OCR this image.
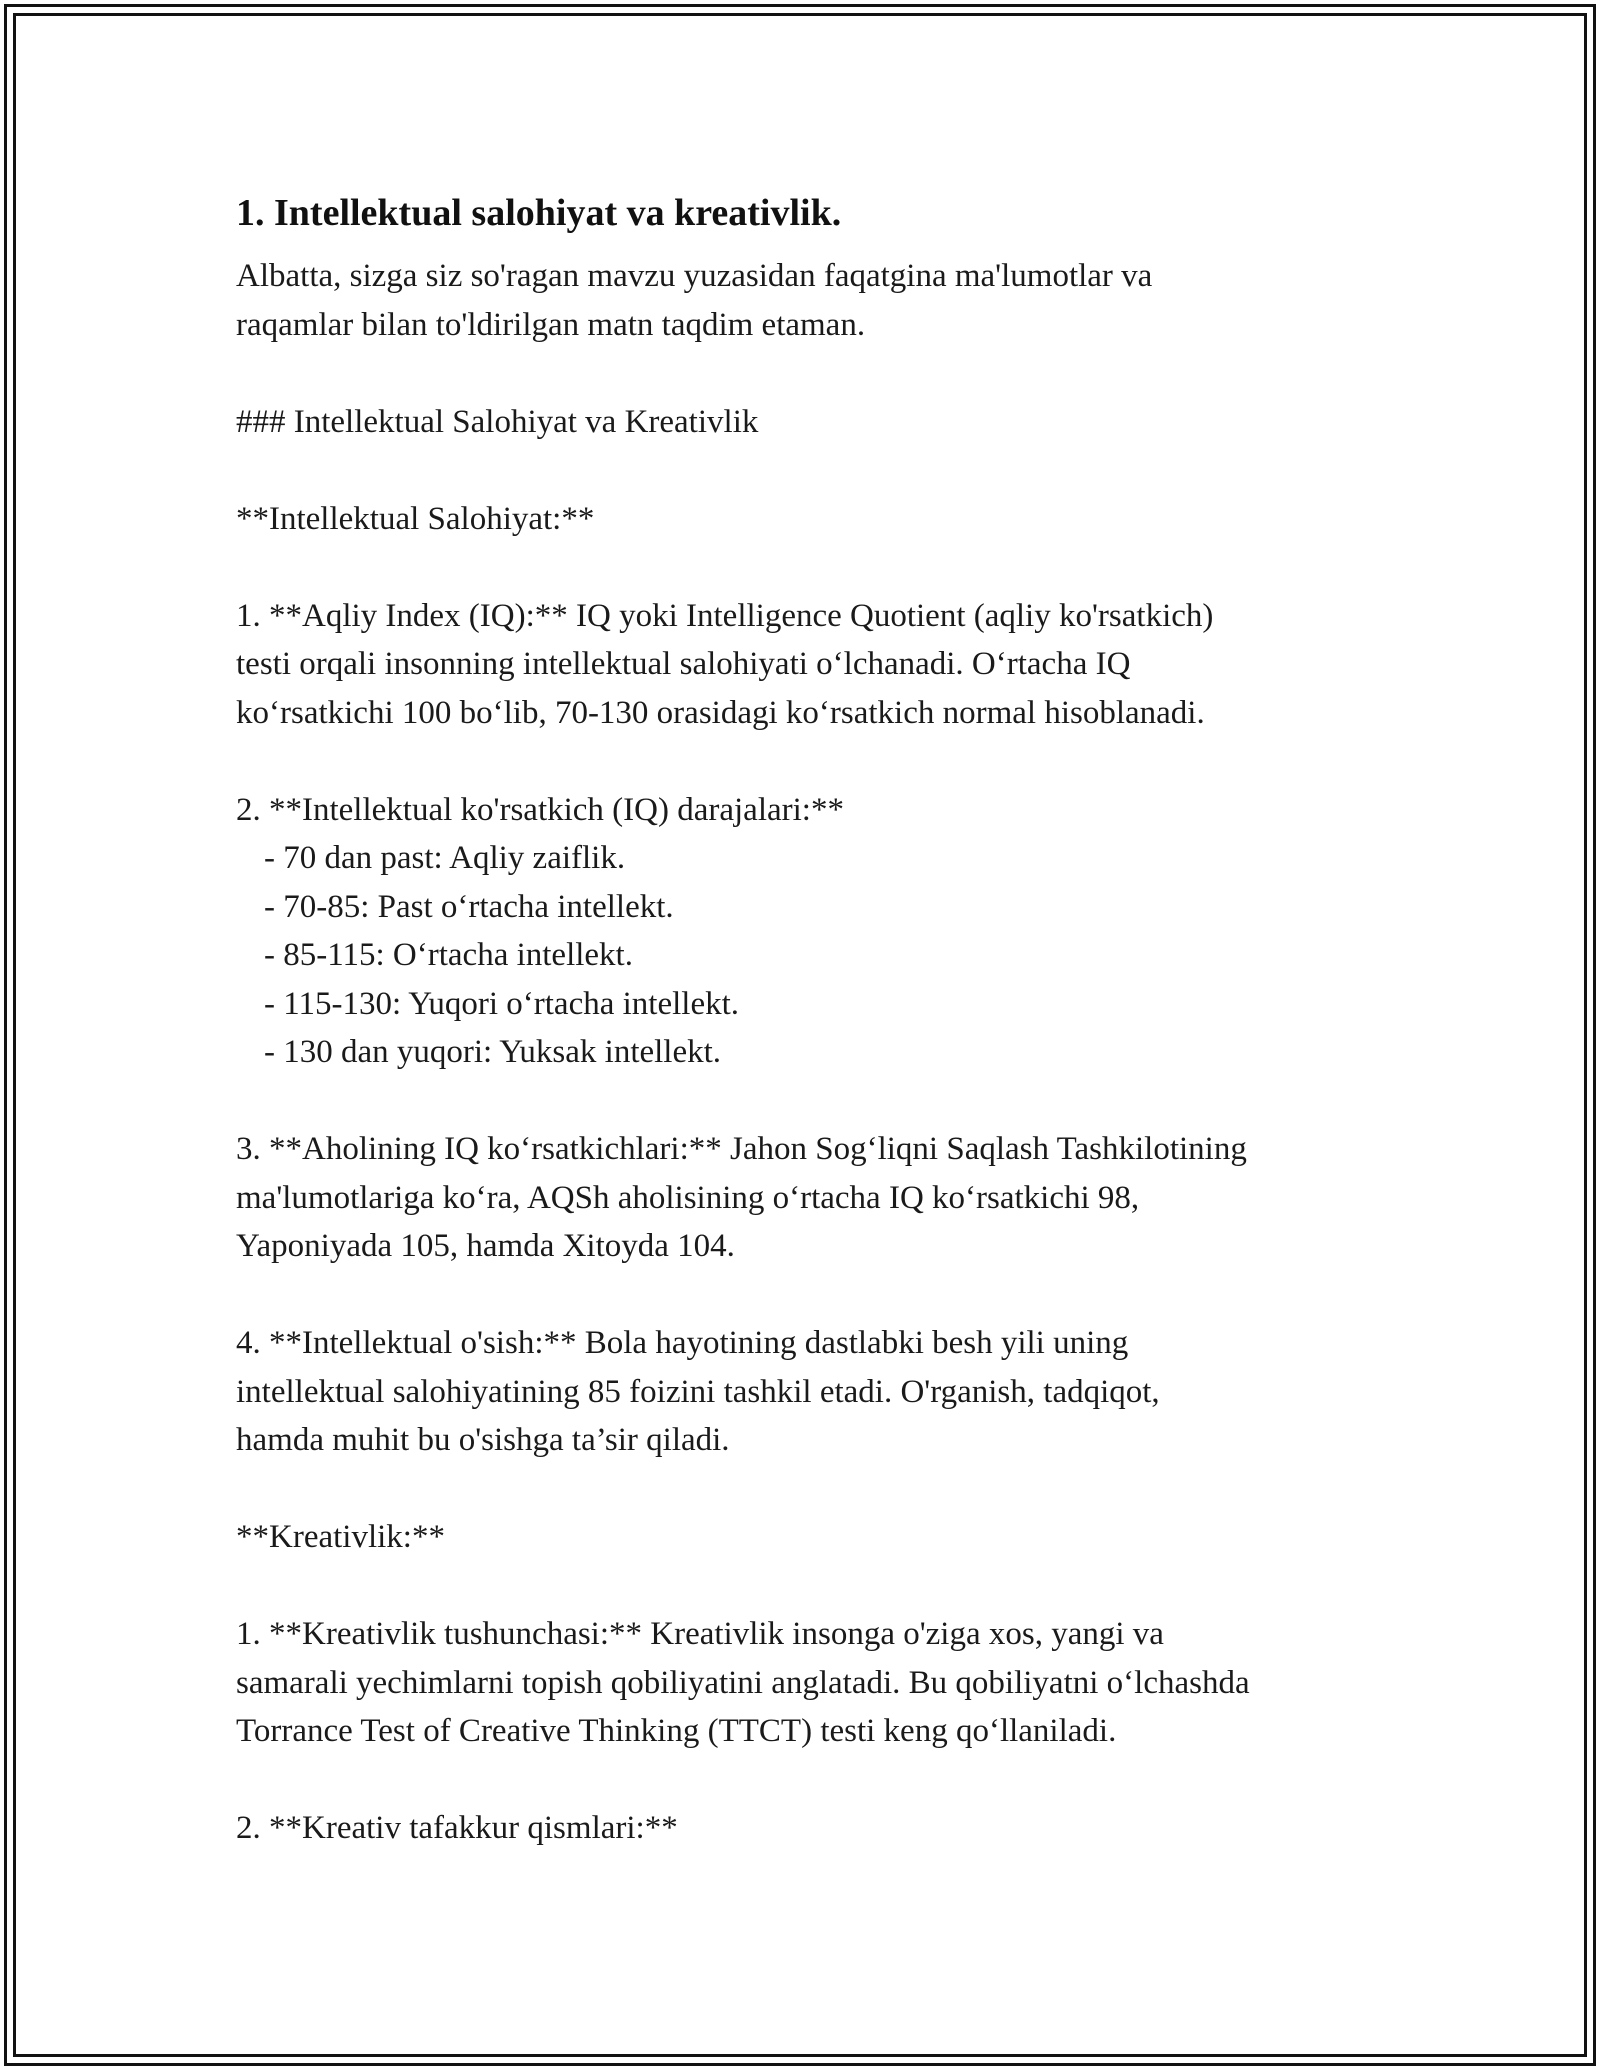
1. Intellektual salohiyat va kreativlik.

Albatta, sizga siz so'ragan mavzu yuzasidan faqatgina ma'lumotlar va

raqamlar bilan to'ldirilgan matn taqdim etaman.

### Intellektual Salohiyat va Kreativlik

**Intellektual Salohiyat:**

1. **Aqliy Index (IQ):** IQ yoki Intelligence Quotient (aqliy ko'rsatkich)

testi orqali insonning intellektual salohiyati o‘lchanadi. O‘rtacha IQ

ko‘rsatkichi 100 bo‘lib, 70-130 orasidagi ko‘rsatkich normal hisoblanadi.

2. **Intellektual ko'rsatkich (IQ) darajalari:**

- 70 dan past: Aqliy zaiflik.

- 70-85: Past o‘rtacha intellekt.

- 85-115: O‘rtacha intellekt.

- 115-130: Yuqori o‘rtacha intellekt.

- 130 dan yuqori: Yuksak intellekt.

3. **Aholining IQ ko‘rsatkichlari:** Jahon Sog‘liqni Saqlash Tashkilotining

ma'lumotlariga ko‘ra, AQSh aholisining o‘rtacha IQ ko‘rsatkichi 98,

Yaponiyada 105, hamda Xitoyda 104.

4. **Intellektual o'sish:** Bola hayotining dastlabki besh yili uning

intellektual salohiyatining 85 foizini tashkil etadi. O'rganish, tadqiqot,

hamda muhit bu o'sishga ta’sir qiladi.

**Kreativlik:**

1. **Kreativlik tushunchasi:** Kreativlik insonga o'ziga xos, yangi va

samarali yechimlarni topish qobiliyatini anglatadi. Bu qobiliyatni o‘lchashda

Torrance Test of Creative Thinking (TTCT) testi keng qo‘llaniladi.

2. **Kreativ tafakkur qismlari:**
